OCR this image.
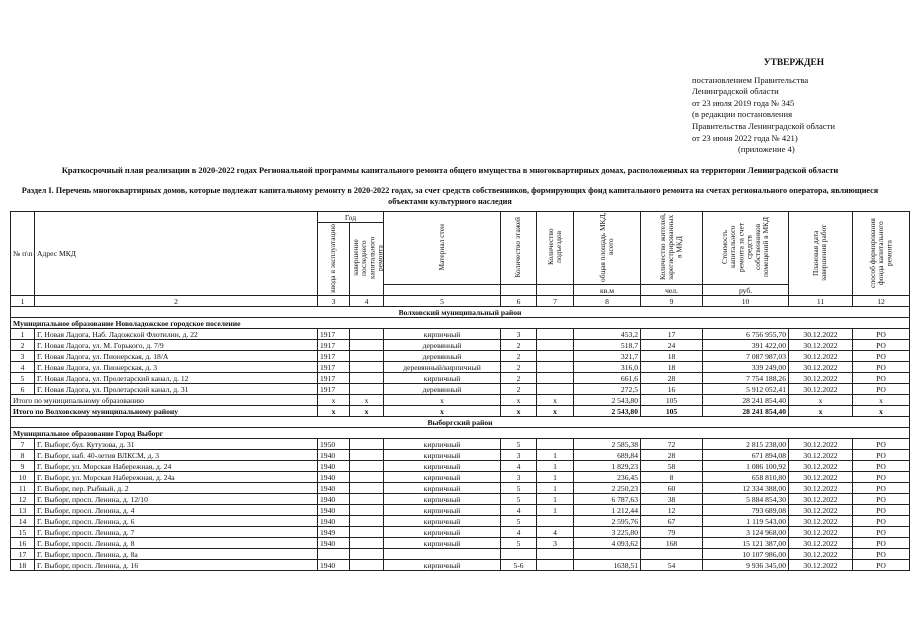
УТВЕРЖДЕН
постановлением Правительства
Ленинградской области
от 23 июля 2019 года № 345
(в редакции постановления
Правительства Ленинградской области
от 23 июня 2022 года № 421)
(приложение 4)
Краткосрочный план реализации в 2020-2022 годах Региональной программы капитального ремонта общего имущества в многоквартирных домах, расположенных на территории Ленинградской области
Раздел I. Перечень многоквартирных домов, которые подлежат капитальному ремонту в 2020-2022 годах, за счет средств собственников, формирующих фонд капитального ремонта на счетах регионального оператора, являющиеся объектами культурного наследия
№ п\п	Адрес МКД	Год		Материал стен	Количество этажей	Количество подъездов	общая площадь МКД, всего	Количество жителей, зарегистрированных в МКД	Стоимость капитального ремонта за счет средств собственников помещений в МКД	Плановая дата завершения работ	способ формирования фонда капитального ремонта
		ввода в эксплуатацию	завершение последнего капитального ремонта								
							кв.м	чел.	руб.		
1	2	3	4	5	6	7	8	9	10	11	12
Волховский муниципальный район											
Муниципальное образование Новоладожское городское поселение											
1	Г. Новая Ладога, Наб. Ладожской Флотилии, д. 22	1917		кирпичный	3		453,2	17	6 756 955,70	30.12.2022	РО
2	Г. Новая Ладога, ул. М. Горького, д. 7/9	1917		деревянный	2		518,7	24	391 422,00	30.12.2022	РО
3	Г. Новая Ладога, ул. Пионерская, д. 18/А	1917		деревянный	2		321,7	18	7 087 987,03	30.12.2022	РО
4	Г. Новая Ладога, ул. Пионерская, д. 3	1917		деревянный/кирпичный	2		316,0	18	339 249,00	30.12.2022	РО
5	Г. Новая Ладога, ул. Пролетарский канал, д. 12	1917		кирпичный	2		661,6	28	7 754 188,26	30.12.2022	РО
6	Г. Новая Ладога, ул. Пролетарский канал, д. 31	1917		деревянный	2		272,5	16	5 912 052,41	30.12.2022	РО
Итого по муниципальному образованию		x	x	x	x	x	2 543,80	105	28 241 854,40	x	x
Итого по Волховскому муниципальному району		x	x	x	x	x	2 543,80	105	28 241 854,40	x	x
Выборгский район											
Муниципальное образование Город Выборг											
7	Г. Выборг, бул. Кутузова, д. 31	1950		кирпичный	5		2 585,38	72	2 815 238,00	30.12.2022	РО
8	Г. Выборг, наб. 40-летия ВЛКСМ, д. 3	1940		кирпичный	3	1	689,84	28	671 894,08	30.12.2022	РО
9	Г. Выборг, ул. Морская Набережная, д. 24	1940		кирпичный	4	1	1 829,23	58	1 086 100,92	30.12.2022	РО
10	Г. Выборг, ул. Морская Набережная, д. 24а	1940		кирпичный	3	1	236,45	8	658 810,80	30.12.2022	РО
11	Г. Выборг, пер. Рыбный, д. 2	1940		кирпичный	5	1	2 250,23	60	12 334 388,00	30.12.2022	РО
12	Г. Выборг, просп. Ленина, д. 12/10	1940		кирпичный	5	1	6 787,63	38	5 884 854,30	30.12.2022	РО
13	Г. Выборг, просп. Ленина, д. 4	1940		кирпичный	4	1	1 212,44	12	793 689,08	30.12.2022	РО
14	Г. Выборг, просп. Ленина, д. 6	1940		кирпичный	5		2 595,76	67	1 119 543,00	30.12.2022	РО
15	Г. Выборг, просп. Ленина, д. 7	1949		кирпичный	4	4	3 225,80	79	3 124 968,00	30.12.2022	РО
16	Г. Выборг, просп. Ленина, д. 8	1940		кирпичный	5	3	4 093,62	168	15 121 387,00	30.12.2022	РО
17	Г. Выборг, просп. Ленина, д. 8а								10 107 986,00	30.12.2022	РО
18	Г. Выборг, просп. Ленина, д. 16	1940		кирпичный	5-6		1638,51	54	9 936 345,00	30.12.2022	РО
